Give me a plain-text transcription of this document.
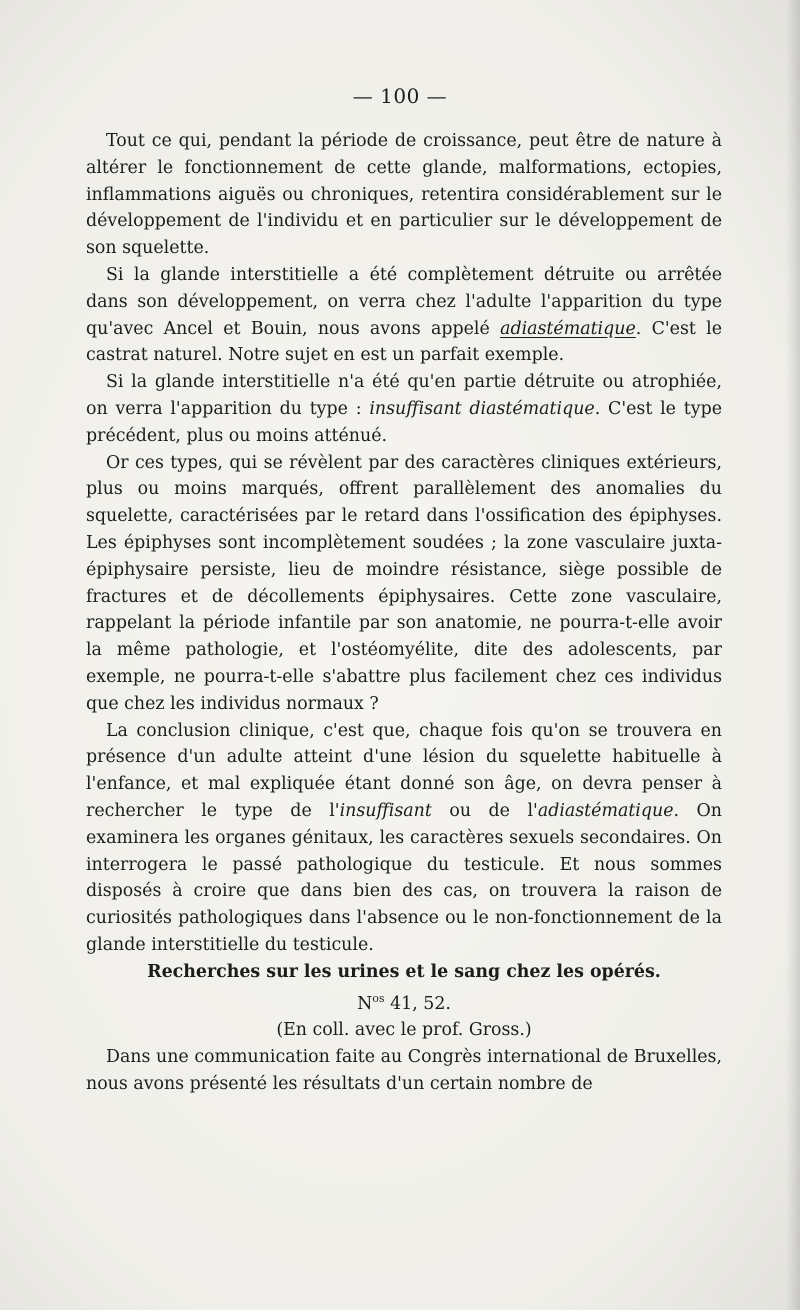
— 100 —

Tout ce qui, pendant la période de croissance, peut être de nature à altérer le fonctionnement de cette glande, malformations, ectopies, inflammations aiguës ou chroniques, retentira considérablement sur le développement de l'individu et en particulier sur le développement de son squelette.

Si la glande interstitielle a été complètement détruite ou arrêtée dans son développement, on verra chez l'adulte l'apparition du type qu'avec Ancel et Bouin, nous avons appelé adiastématique. C'est le castrat naturel. Notre sujet en est un parfait exemple.

Si la glande interstitielle n'a été qu'en partie détruite ou atrophiée, on verra l'apparition du type : insuffisant diastématique. C'est le type précédent, plus ou moins atténué.

Or ces types, qui se révèlent par des caractères cliniques extérieurs, plus ou moins marqués, offrent parallèlement des anomalies du squelette, caractérisées par le retard dans l'ossification des épiphyses. Les épiphyses sont incomplètement soudées ; la zone vasculaire juxta-épiphysaire persiste, lieu de moindre résistance, siège possible de fractures et de décollements épiphysaires. Cette zone vasculaire, rappelant la période infantile par son anatomie, ne pourra-t-elle avoir la même pathologie, et l'ostéomyélite, dite des adolescents, par exemple, ne pourra-t-elle s'abattre plus facilement chez ces individus que chez les individus normaux ?

La conclusion clinique, c'est que, chaque fois qu'on se trouvera en présence d'un adulte atteint d'une lésion du squelette habituelle à l'enfance, et mal expliquée étant donné son âge, on devra penser à rechercher le type de l'insuffisant ou de l'adiastématique. On examinera les organes génitaux, les caractères sexuels secondaires. On interrogera le passé pathologique du testicule. Et nous sommes disposés à croire que dans bien des cas, on trouvera la raison de curiosités pathologiques dans l'absence ou le non-fonctionnement de la glande interstitielle du testicule.

Recherches sur les urines et le sang chez les opérés.

$N^{os}$ 41, 52.

(En coll. avec le prof. Gross.)

Dans une communication faite au Congrès international de Bruxelles, nous avons présenté les résultats d'un certain nombre de
